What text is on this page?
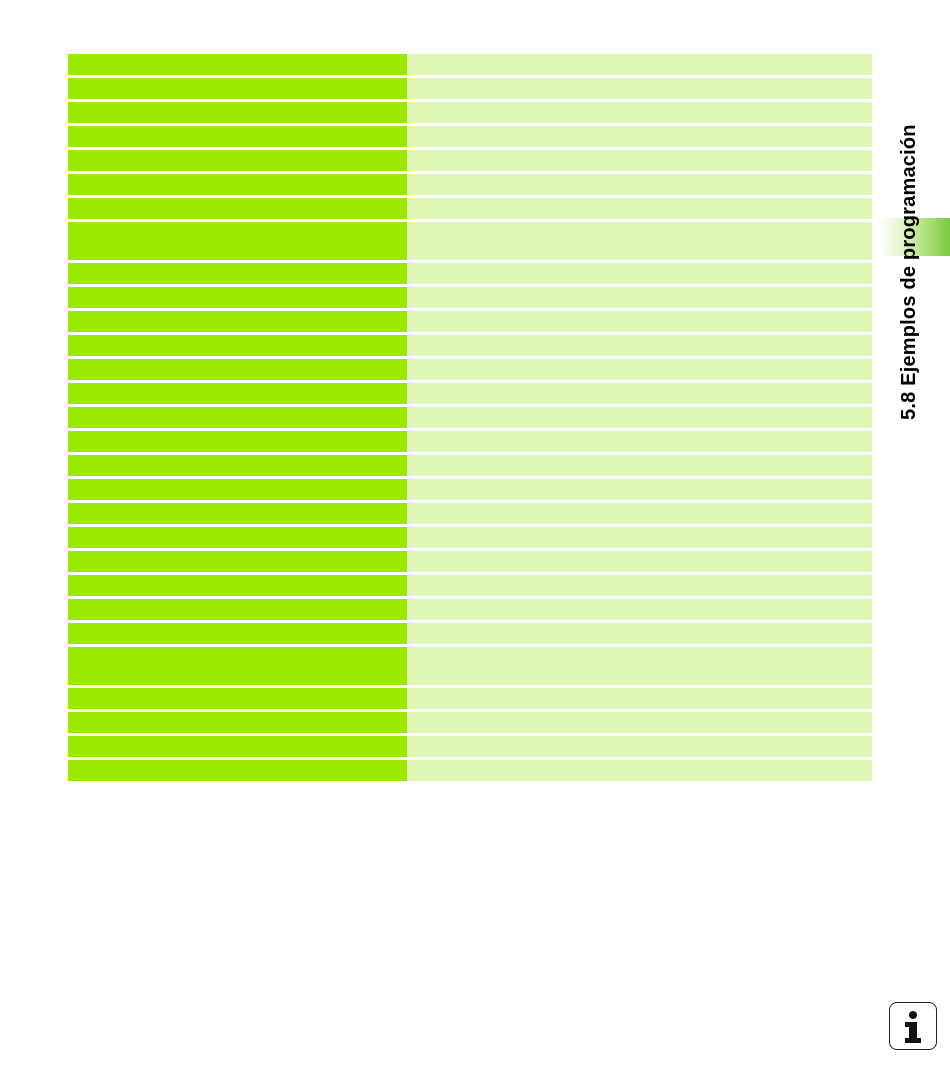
5.8 Ejemplos de programación
